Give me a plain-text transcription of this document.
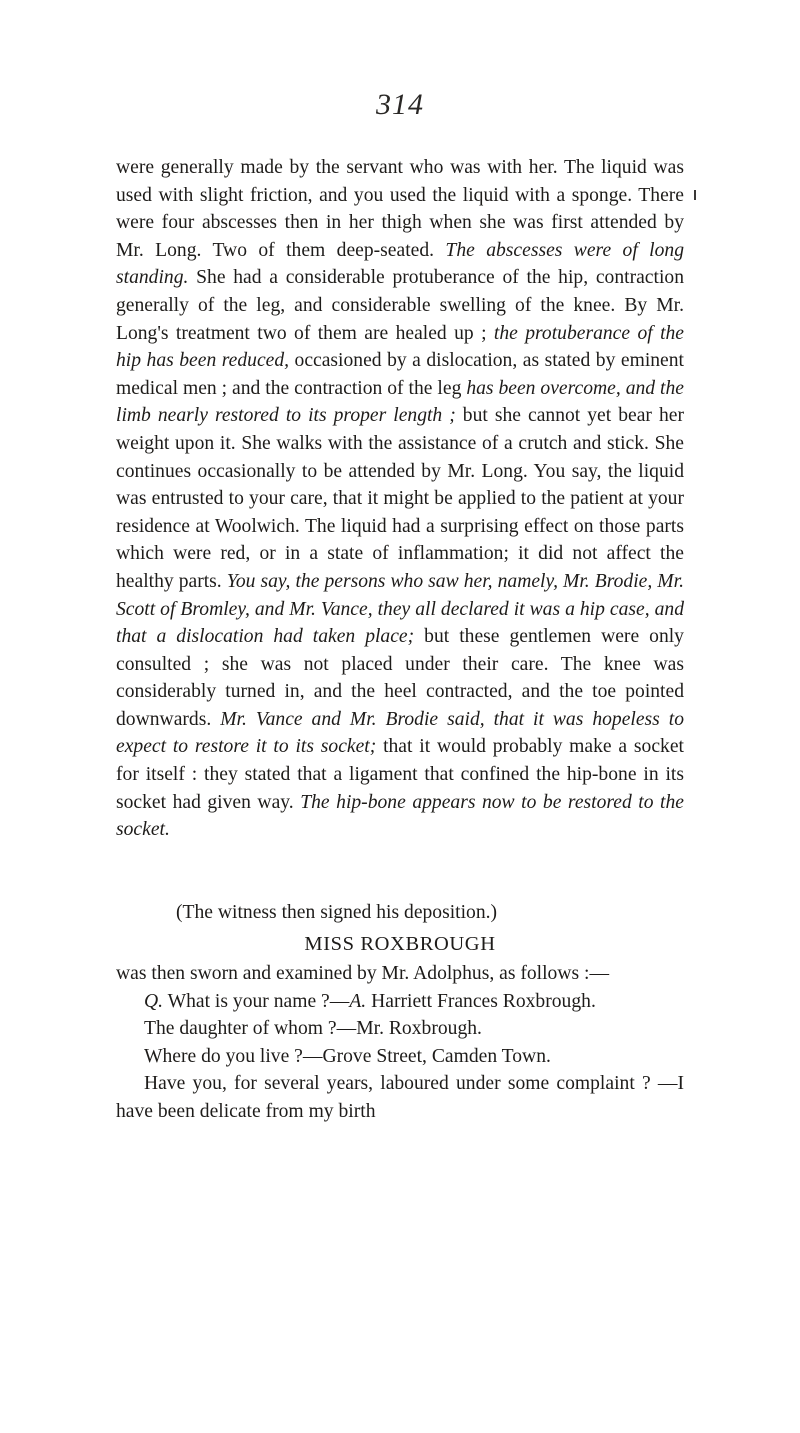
314

were generally made by the servant who was with her. The liquid was used with slight friction, and you used the liquid with a sponge. There were four abscesses then in her thigh when she was first attended by Mr. Long. Two of them deep-seated. The abscesses were of long standing. She had a considerable protuberance of the hip, contraction generally of the leg, and considerable swelling of the knee. By Mr. Long's treatment two of them are healed up ; the protuberance of the hip has been reduced, occasioned by a dislocation, as stated by eminent medical men ; and the contraction of the leg has been overcome, and the limb nearly restored to its proper length ; but she cannot yet bear her weight upon it. She walks with the assistance of a crutch and stick. She continues occasionally to be attended by Mr. Long. You say, the liquid was entrusted to your care, that it might be applied to the patient at your residence at Woolwich. The liquid had a surprising effect on those parts which were red, or in a state of inflammation; it did not affect the healthy parts. You say, the persons who saw her, namely, Mr. Brodie, Mr. Scott of Bromley, and Mr. Vance, they all declared it was a hip case, and that a dislocation had taken place; but these gentlemen were only consulted ; she was not placed under their care. The knee was considerably turned in, and the heel contracted, and the toe pointed downwards. Mr. Vance and Mr. Brodie said, that it was hopeless to expect to restore it to its socket; that it would probably make a socket for itself : they stated that a ligament that confined the hip-bone in its socket had given way. The hip-bone appears now to be restored to the socket.

(The witness then signed his deposition.)

MISS ROXBROUGH

was then sworn and examined by Mr. Adolphus, as follows :—

Q. What is your name ?—A. Harriett Frances Roxbrough.

The daughter of whom ?—Mr. Roxbrough.

Where do you live ?—Grove Street, Camden Town.

Have you, for several years, laboured under some complaint ? —I have been delicate from my birth
